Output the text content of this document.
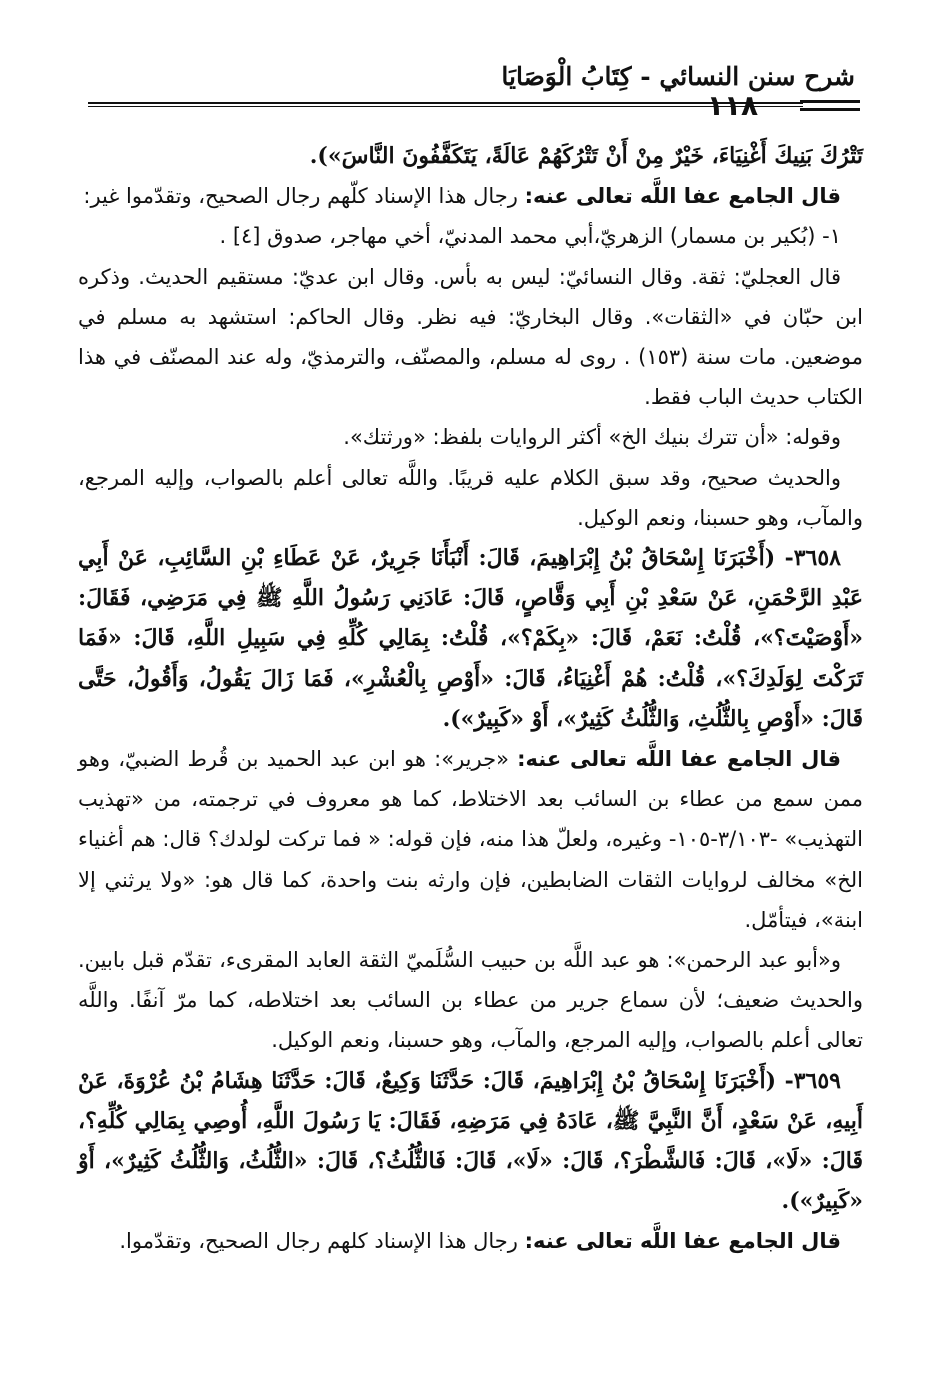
شرح سنن النسائي - كِتَابُ الْوَصَايَا
١١٨

تَتْرُكَ بَنِيكَ أَغْنِيَاءَ، خَيْرٌ مِنْ أَنْ تَتْرُكَهُمْ عَالَةً، يَتَكَفَّفُونَ النَّاسَ»).

قال الجامع عفا اللَّه تعالى عنه: رجال هذا الإسناد كلّهم رجال الصحيح، وتقدّموا غير:

١- (بُكير بن مسمار) الزهريّ،أبي محمد المدنيّ، أخي مهاجر، صدوق [٤] .

قال العجليّ: ثقة. وقال النسائيّ: ليس به بأس. وقال ابن عديّ: مستقيم الحديث. وذكره ابن حبّان في «الثقات». وقال البخاريّ: فيه نظر. وقال الحاكم: استشهد به مسلم في موضعين. مات سنة (١٥٣) . روى له مسلم، والمصنّف، والترمذيّ، وله عند المصنّف في هذا الكتاب حديث الباب فقط.

وقوله: «أن تترك بنيك الخ» أكثر الروايات بلفظ: «ورثتك».

والحديث صحيح، وقد سبق الكلام عليه قريبًا. واللَّه تعالى أعلم بالصواب، وإليه المرجع، والمآب، وهو حسبنا، ونعم الوكيل.

٣٦٥٨- (أَخْبَرَنَا إِسْحَاقُ بْنُ إِبْرَاهِيمَ، قَالَ: أَنْبَأَنَا جَرِيرٌ، عَنْ عَطَاءِ بْنِ السَّائِبِ، عَنْ أَبِي عَبْدِ الرَّحْمَنِ، عَنْ سَعْدِ بْنِ أَبِي وَقَّاصٍ، قَالَ: عَادَنِي رَسُولُ اللَّهِ ﷺ فِي مَرَضِي، فَقَالَ: «أَوْصَيْتَ؟»، قُلْتُ: نَعَمْ، قَالَ: «بِكَمْ؟»، قُلْتُ: بِمَالِي كُلِّهِ فِي سَبِيلِ اللَّهِ، قَالَ: «فَمَا تَرَكْتَ لِوَلَدِكَ؟»، قُلْتُ: هُمْ أَغْنِيَاءُ، قَالَ: «أَوْصِ بِالْعُشْرِ»، فَمَا زَالَ يَقُولُ، وَأَقُولُ، حَتَّى قَالَ: «أَوْصِ بِالثُّلُثِ، وَالثُّلُثُ كَثِيرٌ»، أَوْ «كَبِيرٌ»).

قال الجامع عفا اللَّه تعالى عنه: «جرير»: هو ابن عبد الحميد بن قُرط الضبيّ، وهو ممن سمع من عطاء بن السائب بعد الاختلاط، كما هو معروف في ترجمته، من «تهذيب التهذيب» -٣/١٠٣-١٠٥- وغيره، ولعلّ هذا منه، فإن قوله: « فما تركت لولدك؟ قال: هم أغنياء الخ» مخالف لروايات الثقات الضابطين، فإن وارثه بنت واحدة، كما قال هو: «ولا يرثني إلا ابنة»، فيتأمّل.

و«أبو عبد الرحمن»: هو عبد اللَّه بن حبيب السُّلَميّ الثقة العابد المقرىء، تقدّم قبل بابين. والحديث ضعيف؛ لأن سماع جرير من عطاء بن السائب بعد اختلاطه، كما مرّ آنفًا. واللَّه تعالى أعلم بالصواب، وإليه المرجع، والمآب، وهو حسبنا، ونعم الوكيل.

٣٦٥٩- (أَخْبَرَنَا إِسْحَاقُ بْنُ إِبْرَاهِيمَ، قَالَ: حَدَّثَنَا وَكِيعٌ، قَالَ: حَدَّثَنَا هِشَامُ بْنُ عُرْوَةَ، عَنْ أَبِيهِ، عَنْ سَعْدٍ، أَنَّ النَّبِيَّ ﷺ، عَادَهُ فِي مَرَضِهِ، فَقَالَ: يَا رَسُولَ اللَّهِ، أُوصِي بِمَالِي كُلِّهِ؟، قَالَ: «لَا»، قَالَ: فَالشَّطْرَ؟، قَالَ: «لَا»، قَالَ: فَالثُّلُثُ؟، قَالَ: «الثُّلُثُ، وَالثُّلُثُ كَثِيرٌ»، أَوْ «كَبِيرٌ»).

قال الجامع عفا اللَّه تعالى عنه: رجال هذا الإسناد كلهم رجال الصحيح، وتقدّموا.
